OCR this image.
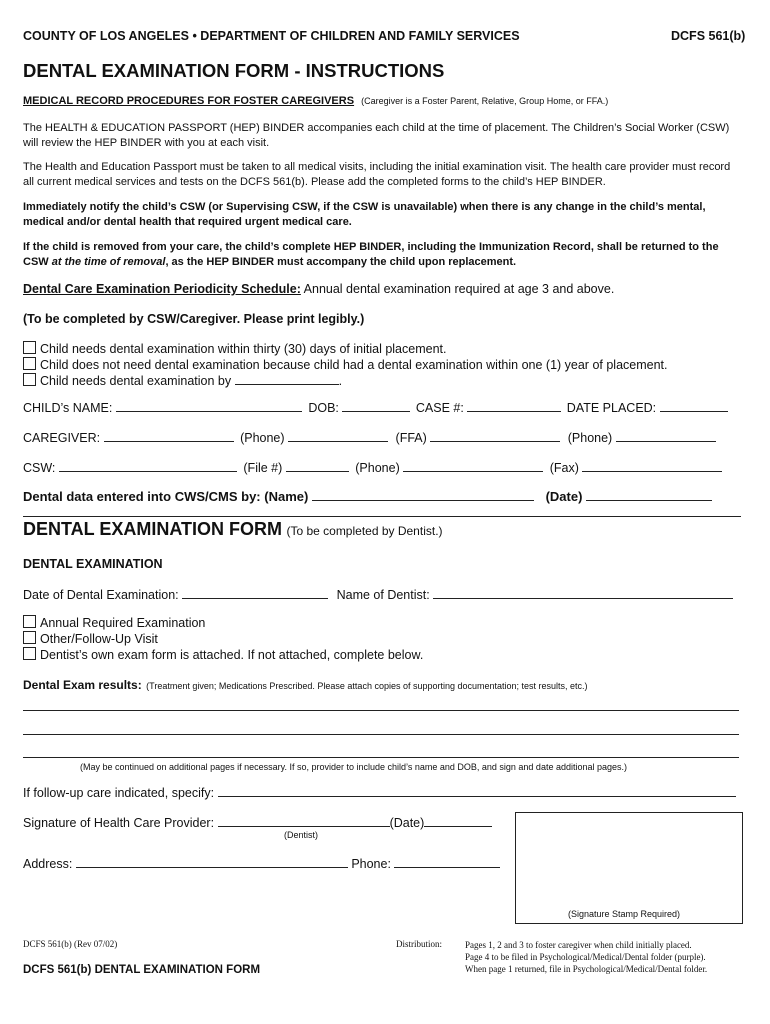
COUNTY OF LOS ANGELES • DEPARTMENT OF CHILDREN AND FAMILY SERVICES	DCFS 561(b)
DENTAL EXAMINATION FORM - INSTRUCTIONS
MEDICAL RECORD PROCEDURES FOR FOSTER CAREGIVERS (Caregiver is a Foster Parent, Relative, Group Home, or FFA.)
The HEALTH & EDUCATION PASSPORT (HEP) BINDER accompanies each child at the time of placement. The Children’s Social Worker (CSW) will review the HEP BINDER with you at each visit.
The Health and Education Passport must be taken to all medical visits, including the initial examination visit. The health care provider must record all current medical services and tests on the DCFS 561(b). Please add the completed forms to the child’s HEP BINDER.
Immediately notify the child’s CSW (or Supervising CSW, if the CSW is unavailable) when there is any change in the child’s mental, medical and/or dental health that required urgent medical care.
If the child is removed from your care, the child’s complete HEP BINDER, including the Immunization Record, shall be returned to the CSW at the time of removal, as the HEP BINDER must accompany the child upon replacement.
Dental Care Examination Periodicity Schedule: Annual dental examination required at age 3 and above.
(To be completed by CSW/Caregiver. Please print legibly.)
Child needs dental examination within thirty (30) days of initial placement.
Child does not need dental examination because child had a dental examination within one (1) year of placement.
Child needs dental examination by	.
CHILD’s NAME:	DOB:	CASE #:	DATE PLACED:
CAREGIVER:	(Phone)	(FFA)	(Phone)
CSW:	(File #)	(Phone)	(Fax)
Dental data entered into CWS/CMS by: (Name)	(Date)
DENTAL EXAMINATION FORM (To be completed by Dentist.)
DENTAL EXAMINATION
Date of Dental Examination:	Name of Dentist:
Annual Required Examination
Other/Follow-Up Visit
Dentist’s own exam form is attached. If not attached, complete below.
Dental Exam results: (Treatment given; Medications Prescribed. Please attach copies of supporting documentation; test results, etc.)
(May be continued on additional pages if necessary. If so, provider to include child’s name and DOB, and sign and date additional pages.)
If follow-up care indicated, specify:
Signature of Health Care Provider:	(Date)
(Dentist)
Address:	Phone:
(Signature Stamp Required)
DCFS 561(b) (Rev 07/02)	Distribution:	Pages 1, 2 and 3 to foster caregiver when child initially placed.
Page 4 to be filed in Psychological/Medical/Dental folder (purple).
When page 1 returned, file in Psychological/Medical/Dental folder.
DCFS 561(b) DENTAL EXAMINATION FORM
